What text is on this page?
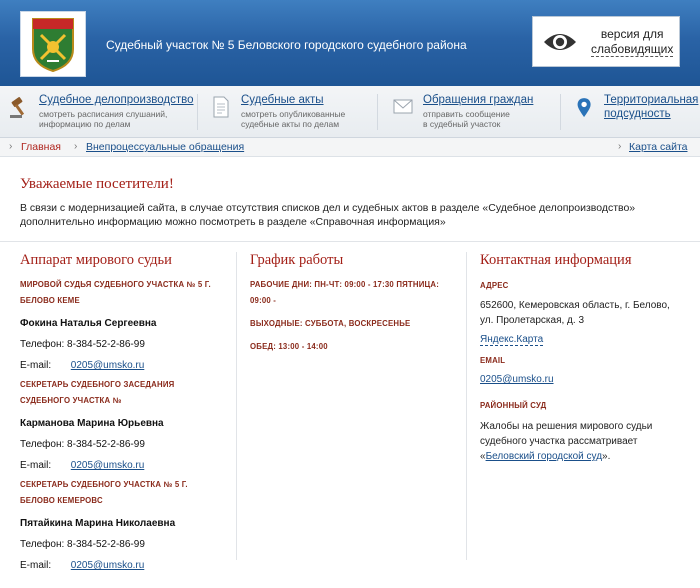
Судебный участок № 5 Беловского городского судебного района
версия для
слабовидящих
Судебное делопроизводство
смотреть расписания слушаний,
информацию по делам
Судебные акты
смотреть опубликованные
судебные акты по делам
Обращения граждан
отправить сообщение
в судебный участок
Территориальная
подсудность
› Главная › Внепроцессуальные обращения	› Карта сайта
Уважаемые посетители!

В связи с модернизацией сайта, в случае отсутствия списков дел и судебных актов в разделе «Судебное делопроизводство» дополнительно информацию можно посмотреть в разделе «Справочная информация»

Аппарат мирового судьи
МИРОВОЙ СУДЬЯ СУДЕБНОГО УЧАСТКА № 5 Г.
БЕЛОВО КЕМЕ
Фокина Наталья Сергеевна
Телефон: 8-384-52-2-86-99
E-mail: 0205@umsko.ru
СЕКРЕТАРЬ СУДЕБНОГО ЗАСЕДАНИЯ
СУДЕБНОГО УЧАСТКА №
Карманова Марина Юрьевна
Телефон: 8-384-52-2-86-99
E-mail: 0205@umsko.ru
СЕКРЕТАРЬ СУДЕБНОГО УЧАСТКА № 5 Г.
БЕЛОВО КЕМЕРОВС
Пятайкина Марина Николаевна
Телефон: 8-384-52-2-86-99
E-mail: 0205@umsko.ru
График работы
РАБОЧИЕ ДНИ: ПН-ЧТ: 09:00 - 17:30 ПЯТНИЦА:
09:00 -
ВЫХОДНЫЕ: СУББОТА, ВОСКРЕСЕНЬЕ
ОБЕД: 13:00 - 14:00
Контактная информация
АДРЕС
652600, Кемеровская область, г. Белово,
ул. Пролетарская, д. 3
Яндекс.Карта
EMAIL
0205@umsko.ru
РАЙОННЫЙ СУД
Жалобы на решения мирового судьи
судебного участка рассматривает
«Беловский городской суд».
